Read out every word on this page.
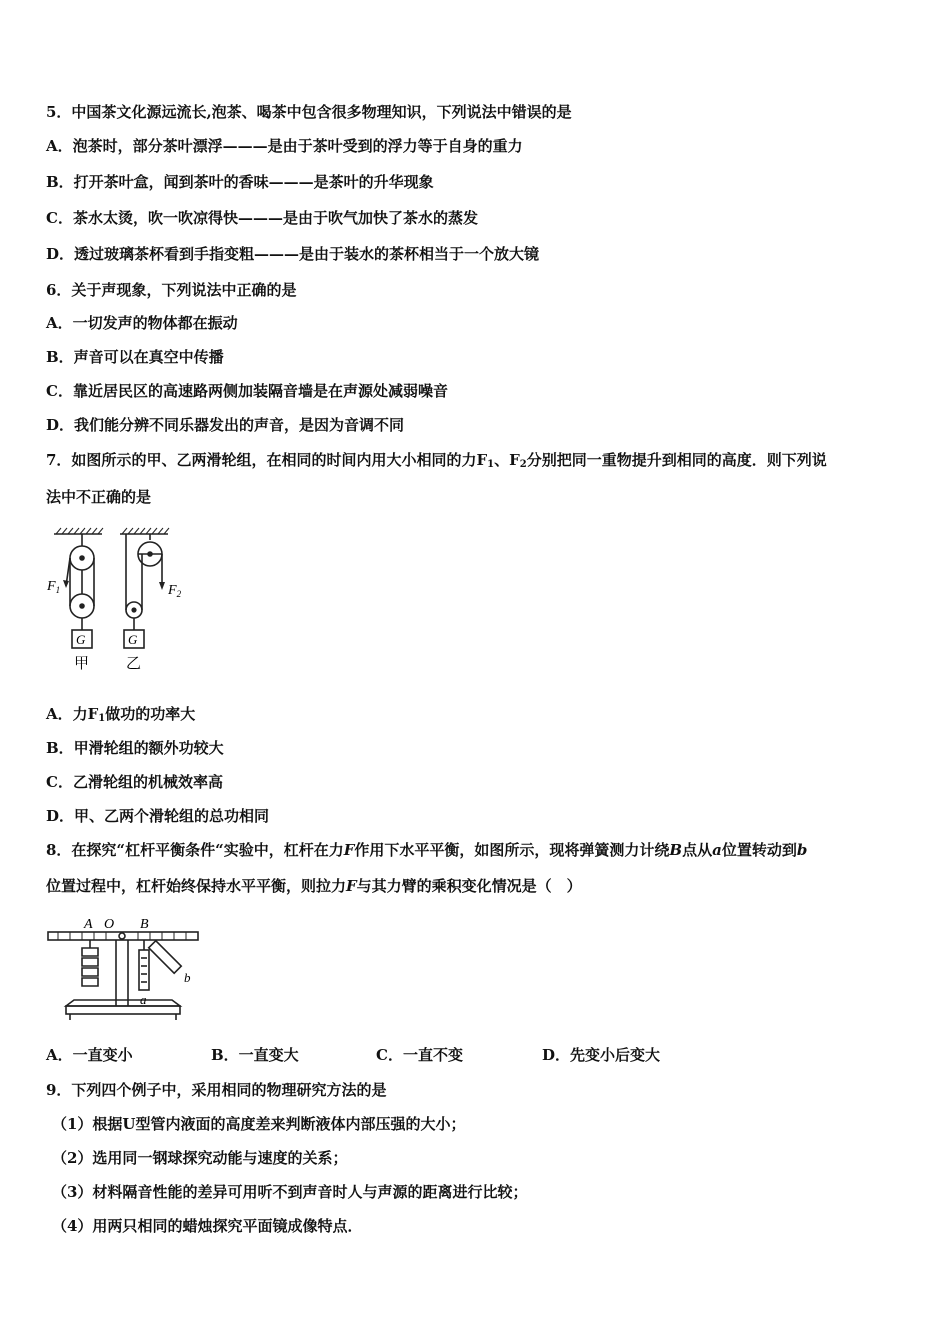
5．中国茶文化源远流长,泡茶、喝茶中包含很多物理知识，下列说法中错误的是
A．泡茶时，部分茶叶漂浮———是由于茶叶受到的浮力等于自身的重力
B．打开茶叶盒，闻到茶叶的香味———是茶叶的升华现象
C．茶水太烫，吹一吹凉得快———是由于吹气加快了茶水的蒸发
D．透过玻璃茶杯看到手指变粗———是由于装水的茶杯相当于一个放大镜
6．关于声现象，下列说法中正确的是
A．一切发声的物体都在振动
B．声音可以在真空中传播
C．靠近居民区的高速路两侧加装隔音墙是在声源处减弱噪音
D．我们能分辨不同乐器发出的声音，是因为音调不同
7．如图所示的甲、乙两滑轮组，在相同的时间内用大小相同的力$F_1$、$F_2$分别把同一重物提升到相同的高度．则下列说
法中不正确的是
$F_1$	$F_2$
G	G
甲 乙
A．力$F_1$做功的功率大
B．甲滑轮组的额外功较大
C．乙滑轮组的机械效率高
D．甲、乙两个滑轮组的总功相同
8．在探究“杠杆平衡条件“实验中，杠杆在力F作用下水平平衡，如图所示，现将弹簧测力计绕B点从a位置转动到b
位置过程中，杠杆始终保持水平平衡，则拉力F与其力臂的乘积变化情况是（　）
A O B
a
b
A．一直变小	B．一直变大	C．一直不变	D．先变小后变大
9．下列四个例子中，采用相同的物理研究方法的是
（1）根据U型管内液面的高度差来判断液体内部压强的大小；
（2）选用同一钢球探究动能与速度的关系；
（3）材料隔音性能的差异可用听不到声音时人与声源的距离进行比较；
（4）用两只相同的蜡烛探究平面镜成像特点．
